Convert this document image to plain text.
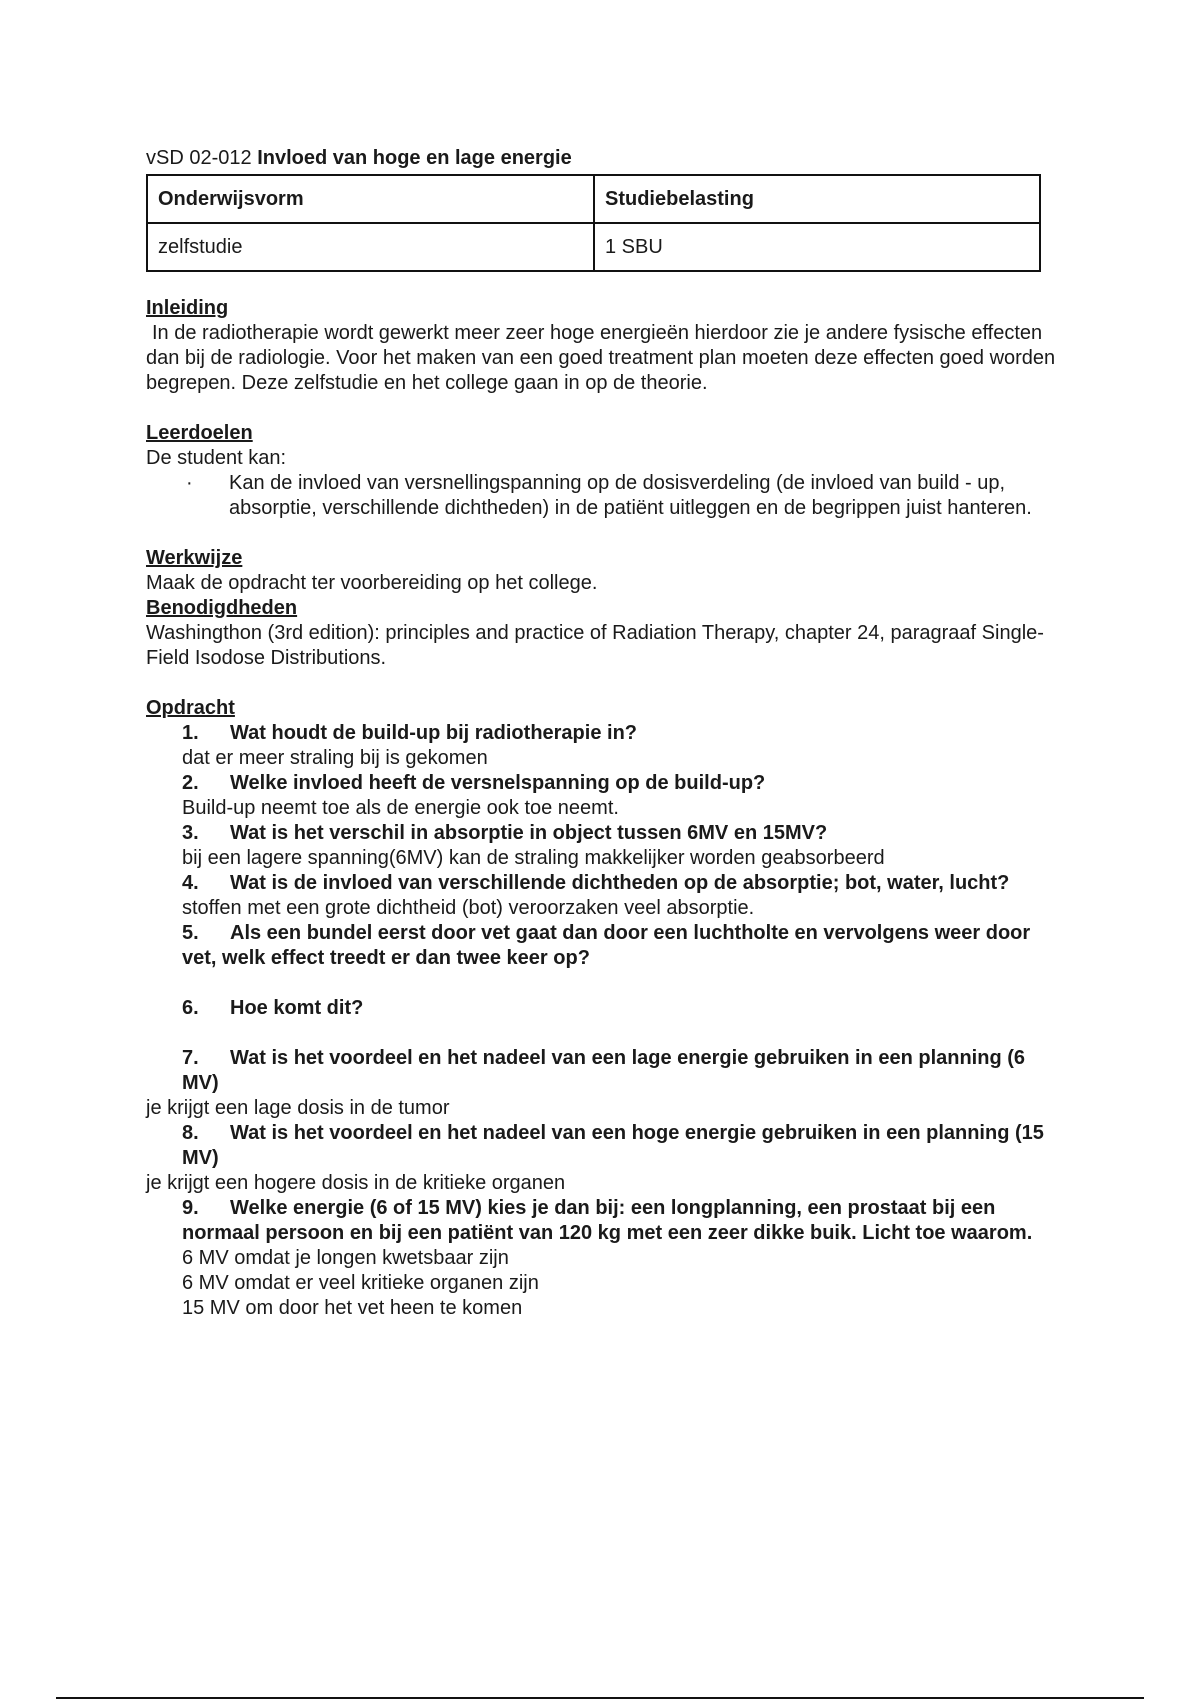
vSD 02-012 Invloed van hoge en lage energie

Onderwijsvorm	Studiebelasting
zelfstudie	1 SBU

Inleiding

In de radiotherapie wordt gewerkt meer zeer hoge energieën hierdoor zie je andere fysische effecten dan bij de radiologie. Voor het maken van een goed treatment plan moeten deze effecten goed worden begrepen. Deze zelfstudie en het college gaan in op de theorie.

Leerdoelen

De student kan:

·	Kan de invloed van versnellingspanning op de dosisverdeling (de invloed van build - up, absorptie, verschillende dichtheden) in de patiënt uitleggen en de begrippen juist hanteren.

Werkwijze

Maak de opdracht ter voorbereiding op het college.

Benodigdheden

Washingthon (3rd edition): principles and practice of Radiation Therapy, chapter 24, paragraaf Single-Field Isodose Distributions.

Opdracht

1. Wat houdt de build-up bij radiotherapie in?

dat er meer straling bij is gekomen

2. Welke invloed heeft de versnelspanning op de build-up?

Build-up neemt toe als de energie ook toe neemt.

3. Wat is het verschil in absorptie in object tussen 6MV en 15MV?

bij een lagere spanning(6MV) kan de straling makkelijker worden geabsorbeerd

4. Wat is de invloed van verschillende dichtheden op de absorptie; bot, water, lucht?

stoffen met een grote dichtheid (bot) veroorzaken veel absorptie.

5. Als een bundel eerst door vet gaat dan door een luchtholte en vervolgens weer door vet, welk effect treedt er dan twee keer op?
6. Hoe komt dit?
7. Wat is het voordeel en het nadeel van een lage energie gebruiken in een planning (6 MV)

je krijgt een lage dosis in de tumor

8. Wat is het voordeel en het nadeel van een hoge energie gebruiken in een planning (15 MV)

je krijgt een hogere dosis in de kritieke organen

9. Welke energie (6 of 15 MV) kies je dan bij: een longplanning, een prostaat bij een normaal persoon en bij een patiënt van 120 kg met een zeer dikke buik. Licht toe waarom.

6 MV omdat je longen kwetsbaar zijn

6 MV omdat er veel kritieke organen zijn

15 MV om door het vet heen te komen
